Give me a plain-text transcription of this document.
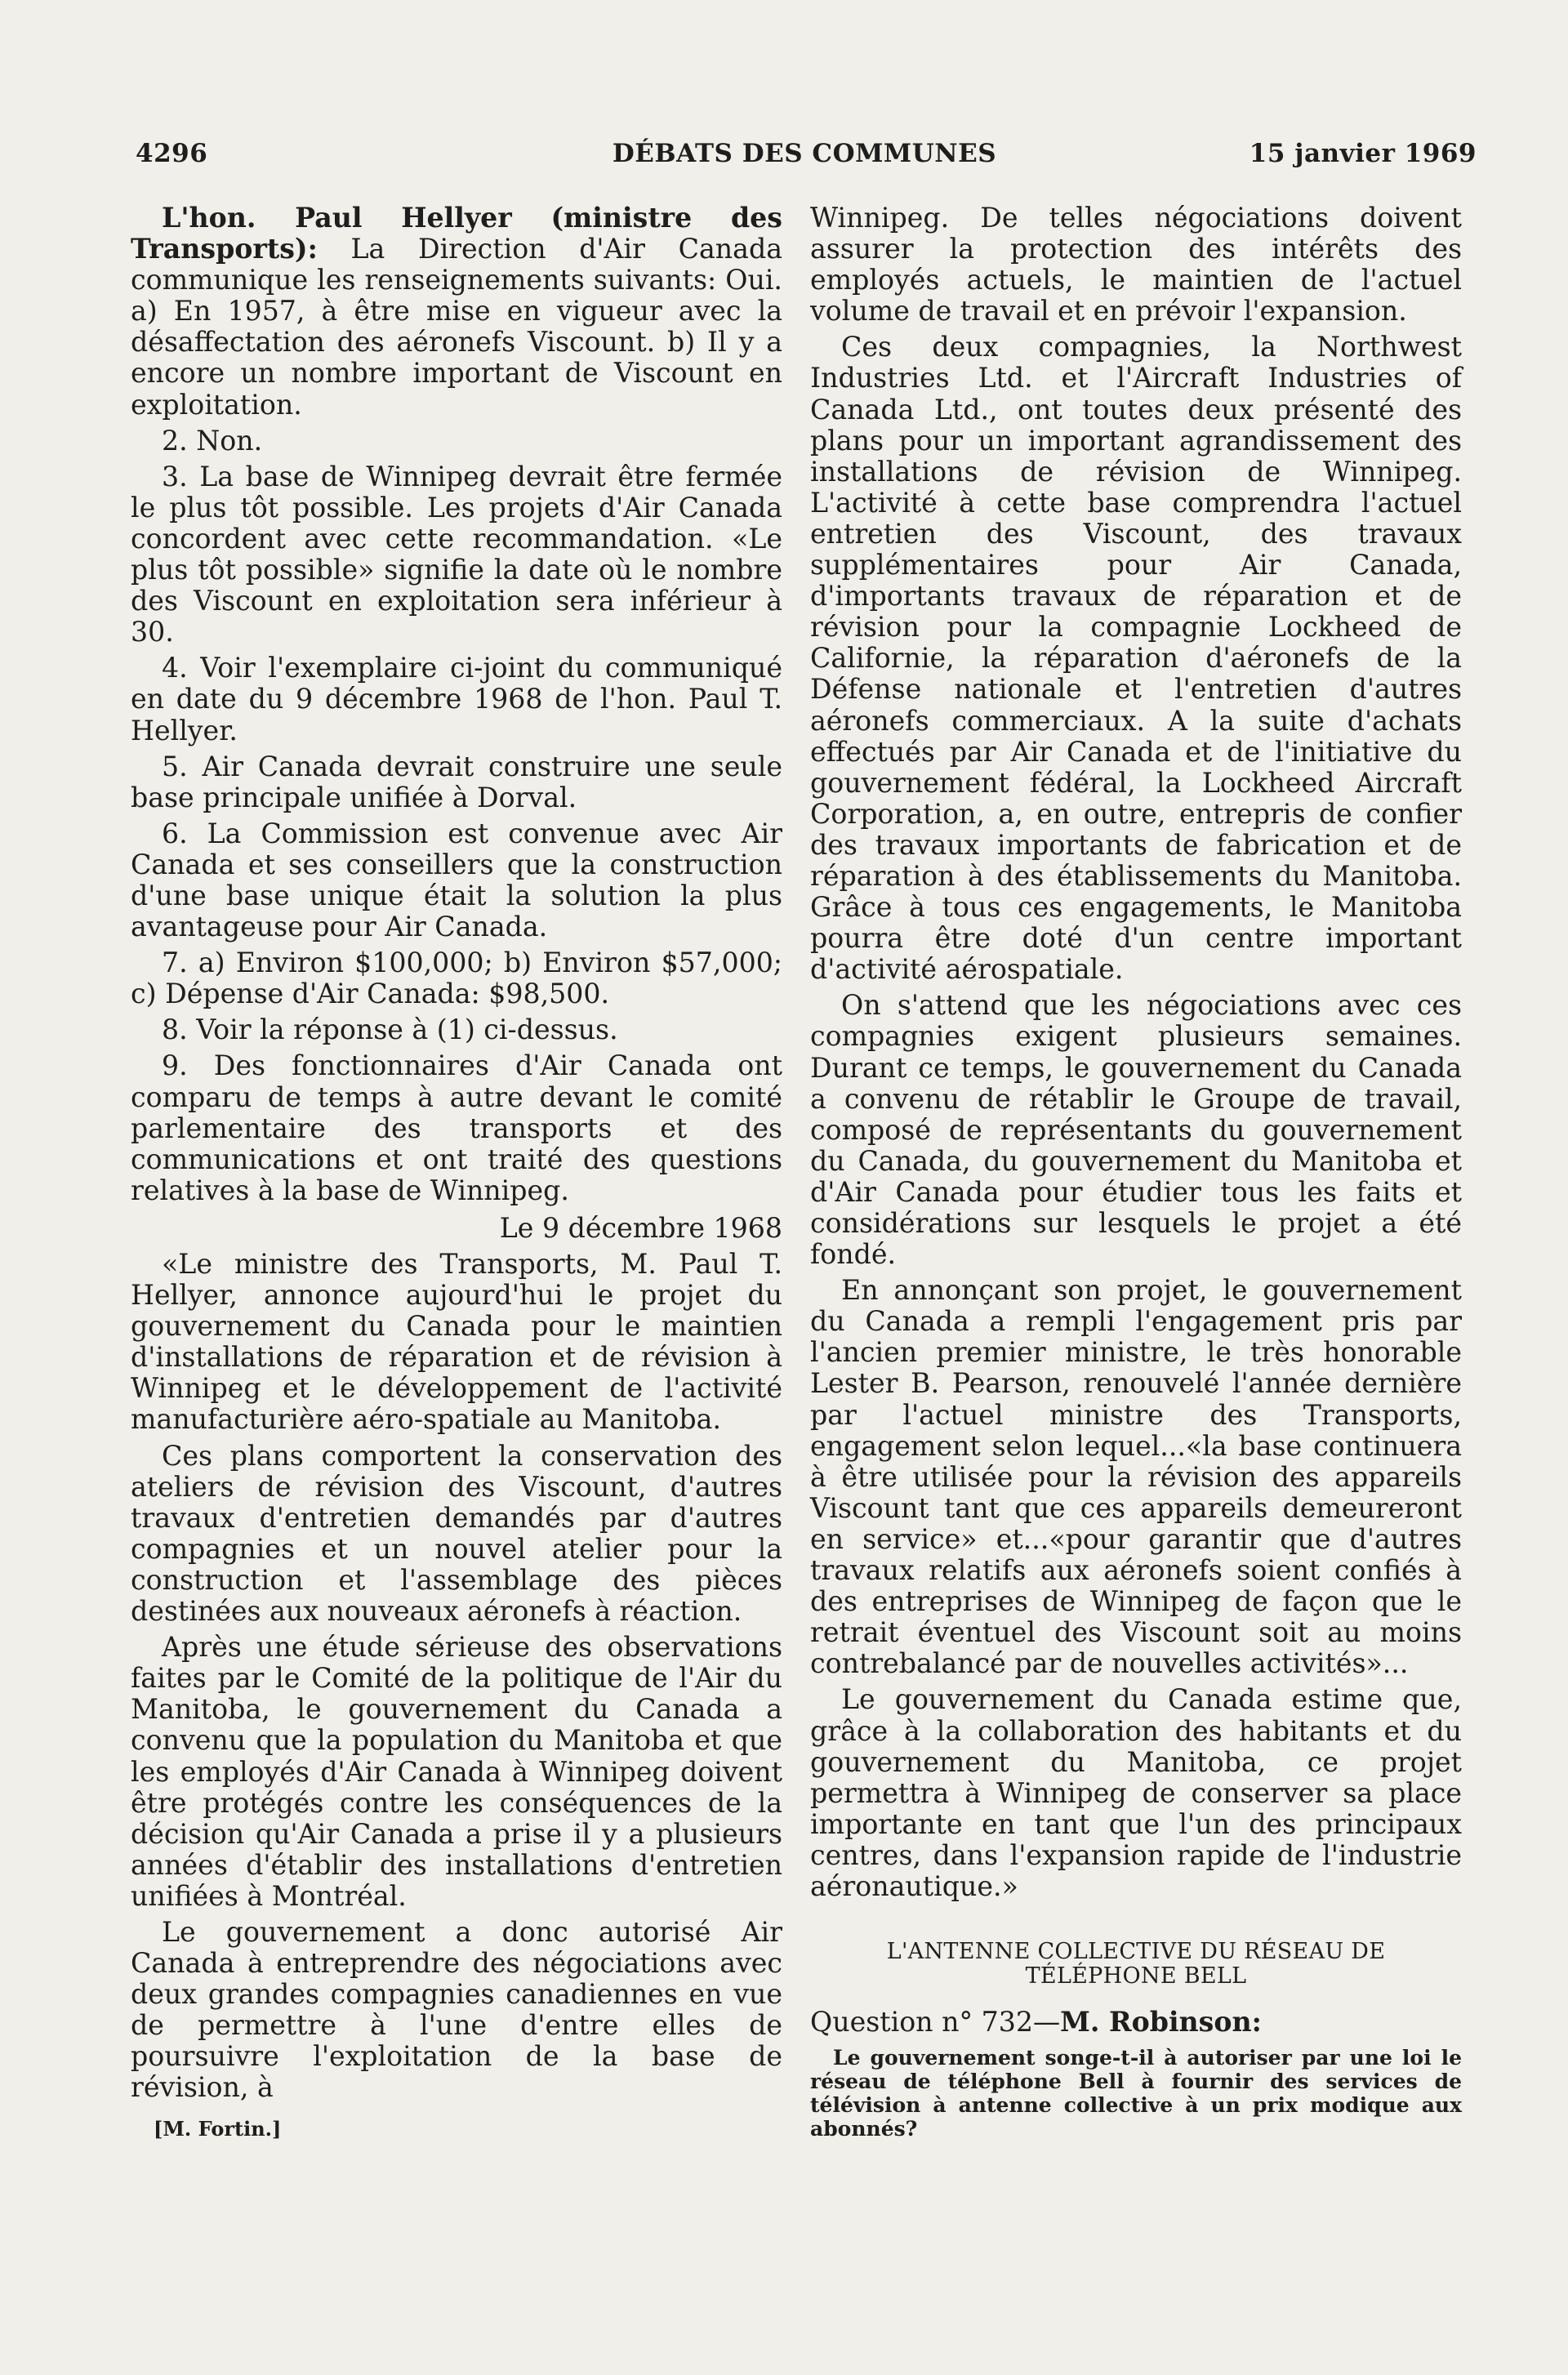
4296	DÉBATS DES COMMUNES	15 janvier 1969

L'hon. Paul Hellyer (ministre des Transports): La Direction d'Air Canada communique les renseignements suivants: Oui. a) En 1957, à être mise en vigueur avec la désaffectation des aéronefs Viscount. b) Il y a encore un nombre important de Viscount en exploitation.

2. Non.

3. La base de Winnipeg devrait être fermée le plus tôt possible. Les projets d'Air Canada concordent avec cette recommandation. «Le plus tôt possible» signifie la date où le nombre des Viscount en exploitation sera inférieur à 30.

4. Voir l'exemplaire ci-joint du communiqué en date du 9 décembre 1968 de l'hon. Paul T. Hellyer.

5. Air Canada devrait construire une seule base principale unifiée à Dorval.

6. La Commission est convenue avec Air Canada et ses conseillers que la construction d'une base unique était la solution la plus avantageuse pour Air Canada.

7. a) Environ $100,000; b) Environ $57,000; c) Dépense d'Air Canada: $98,500.

8. Voir la réponse à (1) ci-dessus.

9. Des fonctionnaires d'Air Canada ont comparu de temps à autre devant le comité parlementaire des transports et des communications et ont traité des questions relatives à la base de Winnipeg.

Le 9 décembre 1968

«Le ministre des Transports, M. Paul T. Hellyer, annonce aujourd'hui le projet du gouvernement du Canada pour le maintien d'installations de réparation et de révision à Winnipeg et le développement de l'activité manufacturière aéro-spatiale au Manitoba.

Ces plans comportent la conservation des ateliers de révision des Viscount, d'autres travaux d'entretien demandés par d'autres compagnies et un nouvel atelier pour la construction et l'assemblage des pièces destinées aux nouveaux aéronefs à réaction.

Après une étude sérieuse des observations faites par le Comité de la politique de l'Air du Manitoba, le gouvernement du Canada a convenu que la population du Manitoba et que les employés d'Air Canada à Winnipeg doivent être protégés contre les conséquences de la décision qu'Air Canada a prise il y a plusieurs années d'établir des installations d'entretien unifiées à Montréal.

Le gouvernement a donc autorisé Air Canada à entreprendre des négociations avec deux grandes compagnies canadiennes en vue de permettre à l'une d'entre elles de poursuivre l'exploitation de la base de révision, à

[M. Fortin.]

Winnipeg. De telles négociations doivent assurer la protection des intérêts des employés actuels, le maintien de l'actuel volume de travail et en prévoir l'expansion.

Ces deux compagnies, la Northwest Industries Ltd. et l'Aircraft Industries of Canada Ltd., ont toutes deux présenté des plans pour un important agrandissement des installations de révision de Winnipeg. L'activité à cette base comprendra l'actuel entretien des Viscount, des travaux supplémentaires pour Air Canada, d'importants travaux de réparation et de révision pour la compagnie Lockheed de Californie, la réparation d'aéronefs de la Défense nationale et l'entretien d'autres aéronefs commerciaux. A la suite d'achats effectués par Air Canada et de l'initiative du gouvernement fédéral, la Lockheed Aircraft Corporation, a, en outre, entrepris de confier des travaux importants de fabrication et de réparation à des établissements du Manitoba. Grâce à tous ces engagements, le Manitoba pourra être doté d'un centre important d'activité aérospatiale.

On s'attend que les négociations avec ces compagnies exigent plusieurs semaines. Durant ce temps, le gouvernement du Canada a convenu de rétablir le Groupe de travail, composé de représentants du gouvernement du Canada, du gouvernement du Manitoba et d'Air Canada pour étudier tous les faits et considérations sur lesquels le projet a été fondé.

En annonçant son projet, le gouvernement du Canada a rempli l'engagement pris par l'ancien premier ministre, le très honorable Lester B. Pearson, renouvelé l'année dernière par l'actuel ministre des Transports, engagement selon lequel...«la base continuera à être utilisée pour la révision des appareils Viscount tant que ces appareils demeureront en service» et...«pour garantir que d'autres travaux relatifs aux aéronefs soient confiés à des entreprises de Winnipeg de façon que le retrait éventuel des Viscount soit au moins contrebalancé par de nouvelles activités»...

Le gouvernement du Canada estime que, grâce à la collaboration des habitants et du gouvernement du Manitoba, ce projet permettra à Winnipeg de conserver sa place importante en tant que l'un des principaux centres, dans l'expansion rapide de l'industrie aéronautique.»

L'ANTENNE COLLECTIVE DU RÉSEAU DE
TÉLÉPHONE BELL

Question n° 732—M. Robinson:

Le gouvernement songe-t-il à autoriser par une loi le réseau de téléphone Bell à fournir des services de télévision à antenne collective à un prix modique aux abonnés?
